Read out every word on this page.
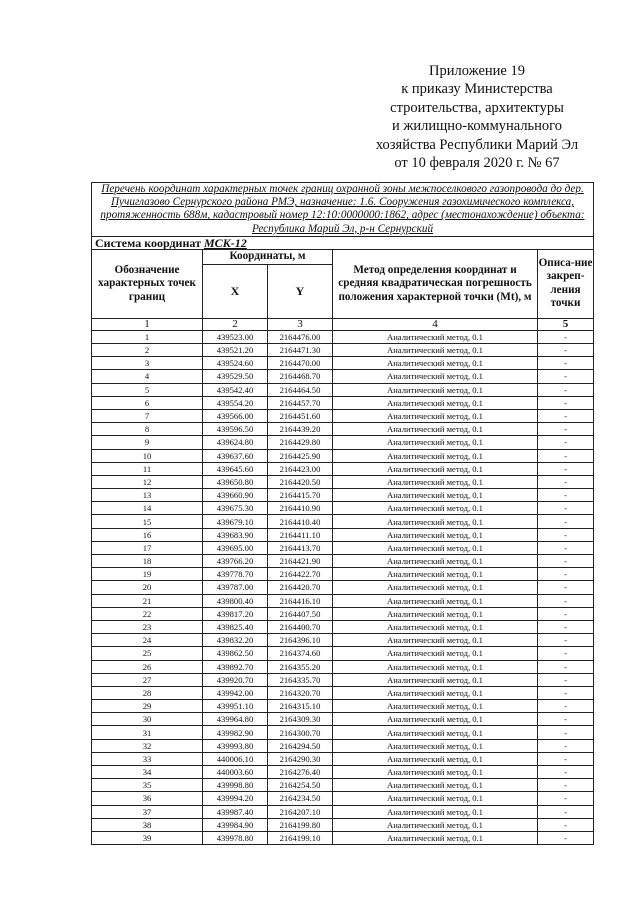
Приложение 19
к приказу Министерства
строительства, архитектуры
и жилищно-коммунального
хозяйства Республики Марий Эл
от 10 февраля 2020 г. № 67
Перечень координат характерных точек границ охранной зоны межпоселкового газопровода до дер. Пучиглазово Сернурского района РМЭ, назначение: 1.6. Сооружения газохимического комплекса, протяженность 688м, кадастровый номер 12:10:0000000:1862, адрес (местонахождение) объекта: Республика Марий Эл, р-н Сернурский				
Система координат МСК-12				
Обозначение характерных точек границ	Координаты, м		Метод определения координат и средняя квадратическая погрешность положения характерной точки (Mt), м	Описа-ние закреп-ления точки
	X	Y		
1	2	3	4	5
1	439523.00	2164476.00	Аналитический метод, 0.1	-
2	439521.20	2164471.30	Аналитический метод, 0.1	-
3	439524.60	2164470.00	Аналитический метод, 0.1	-
4	439529.50	2164468.70	Аналитический метод, 0.1	-
5	439542.40	2164464.50	Аналитический метод, 0.1	-
6	439554.20	2164457.70	Аналитический метод, 0.1	-
7	439566.00	2164451.60	Аналитический метод, 0.1	-
8	439596.50	2164439.20	Аналитический метод, 0.1	-
9	439624.80	2164429.80	Аналитический метод, 0.1	-
10	439637.60	2164425.90	Аналитический метод, 0.1	-
11	439645.60	2164423.00	Аналитический метод, 0.1	-
12	439650.80	2164420.50	Аналитический метод, 0.1	-
13	439660.90	2164415.70	Аналитический метод, 0.1	-
14	439675.30	2164410.90	Аналитический метод, 0.1	-
15	439679.10	2164410.40	Аналитический метод, 0.1	-
16	439683.90	2164411.10	Аналитический метод, 0.1	-
17	439695.00	2164413.70	Аналитический метод, 0.1	-
18	439766.20	2164421.90	Аналитический метод, 0.1	-
19	439778.70	2164422.70	Аналитический метод, 0.1	-
20	439787.00	2164420.70	Аналитический метод, 0.1	-
21	439800.40	2164416.10	Аналитический метод, 0.1	-
22	439817.20	2164407.50	Аналитический метод, 0.1	-
23	439825.40	2164400.70	Аналитический метод, 0.1	-
24	439832.20	2164396.10	Аналитический метод, 0.1	-
25	439862.50	2164374.60	Аналитический метод, 0.1	-
26	439892.70	2164355.20	Аналитический метод, 0.1	-
27	439920.70	2164335.70	Аналитический метод, 0.1	-
28	439942.00	2164320.70	Аналитический метод, 0.1	-
29	439951.10	2164315.10	Аналитический метод, 0.1	-
30	439964.80	2164309.30	Аналитический метод, 0.1	-
31	439982.90	2164300.70	Аналитический метод, 0.1	-
32	439993.80	2164294.50	Аналитический метод, 0.1	-
33	440006.10	2164290.30	Аналитический метод, 0.1	-
34	440003.60	2164276.40	Аналитический метод, 0.1	-
35	439998.80	2164254.50	Аналитический метод, 0.1	-
36	439994.20	2164234.50	Аналитический метод, 0.1	-
37	439987.40	2164207.10	Аналитический метод, 0.1	-
38	439984.90	2164199.80	Аналитический метод, 0.1	-
39	439978.80	2164199.10	Аналитический метод, 0.1	-
